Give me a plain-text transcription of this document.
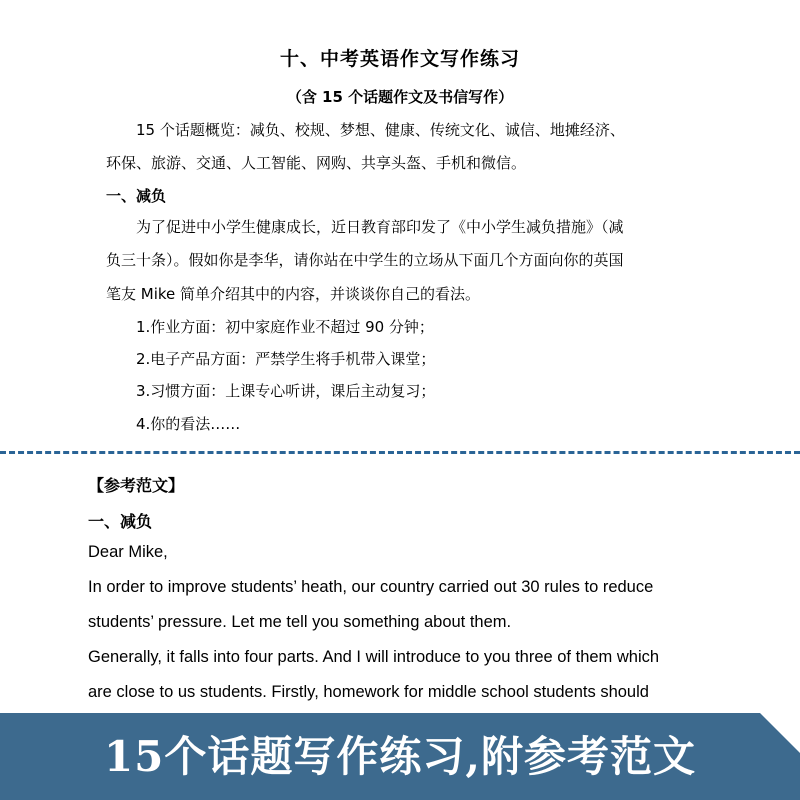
十、中考英语作文写作练习
（含 15 个话题作文及书信写作）
15 个话题概览：减负、校规、梦想、健康、传统文化、诚信、地摊经济、
环保、旅游、交通、人工智能、网购、共享头盔、手机和微信。
一、减负
为了促进中小学生健康成长，近日教育部印发了《中小学生减负措施》（减
负三十条）。假如你是李华，请你站在中学生的立场从下面几个方面向你的英国
笔友 Mike 简单介绍其中的内容，并谈谈你自己的看法。
1.作业方面：初中家庭作业不超过 90 分钟；
2.电子产品方面：严禁学生将手机带入课堂；
3.习惯方面：上课专心听讲，课后主动复习；
4.你的看法……
【参考范文】
一、减负
Dear Mike,
In order to improve students’ heath, our country carried out 30 rules to reduce
students’ pressure. Let me tell you something about them.
Generally, it falls into four parts. And I will introduce to you three of them which
are close to us students. Firstly, homework for middle school students should
15个话题写作练习,附参考范文
